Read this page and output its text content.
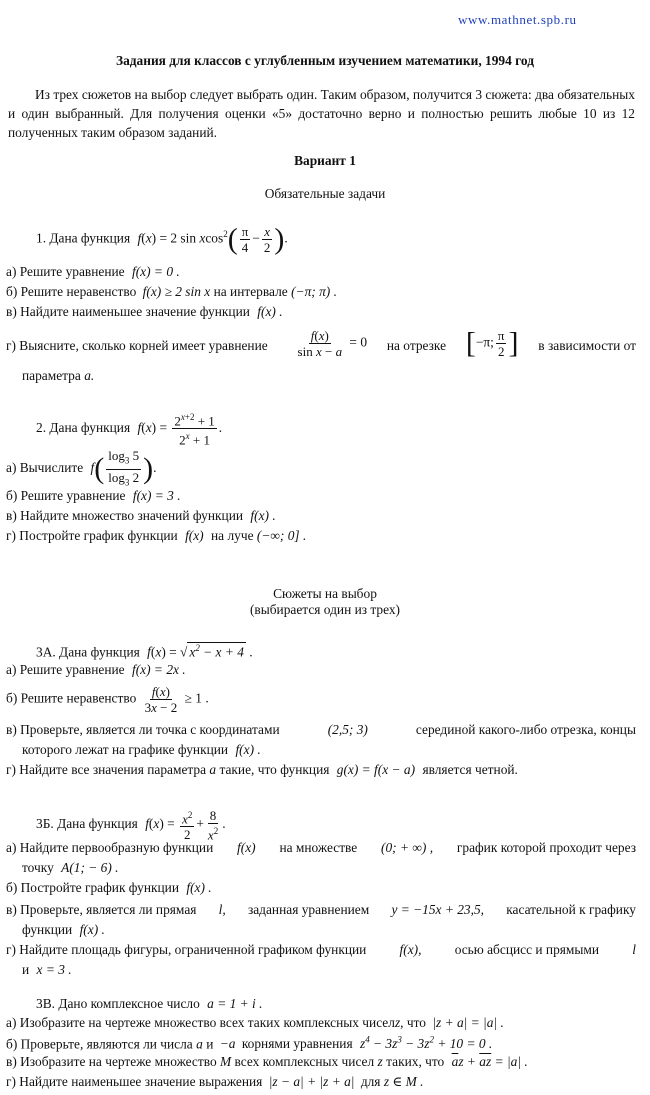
www.mathnet.spb.ru
Задания для классов с углубленным изучением математики, 1994 год
Из трех сюжетов на выбор следует выбрать один. Таким образом, получится 3 сюжета: два обязательных и один выбранный. Для получения оценки «5» достаточно верно и полностью решить любые 10 из 12 полученных таким образом заданий.
Вариант 1
Обязательные задачи
1. Дана функция f(x) = 2 $\sin xcos^2( \frac{\pi}{4} - \frac{x}{2}$ ).
а) Решите уравнение f(x) = 0 .
б) Решите неравенство f(x) ≥ 2 sin x на интервале (−π; π) .
в) Найдите наименьшее значение функции f(x) .
г) Выясните, сколько корней имеет уравнение $\frac{f(x)}{\text{sin x − a}} = 0$ на отрезке [−π; $\frac{\pi}{2}$ ] в зависимости от
параметра a.
2. Дана функция $f(x) = \frac{2^{x+2} + 1}{2^x + 1}$ .
а) Вычислите $f( \frac{\log_3 5}{\log_3 2}$ ).
б) Решите уравнение f(x) = 3 .
в) Найдите множество значений функции f(x) .
г) Постройте график функции f(x) на луче (−∞; 0] .
Сюжеты на выбор
(выбирается один из трех)
3А. Дана функция f(x) = √ $x^2 - x + 4$ .
а) Решите уравнение f(x) = 2x .
б) Решите неравенство $\frac{f(x)}{3x - 2} \ge 1$ .
в) Проверьте, является ли точка с координатами	(2,5; 3)	серединой какого-либо отрезка, концы
которого лежат на графике функции f(x) .
г) Найдите все значения параметра a такие, что функция g(x) = f(x − a) является четной.
3Б. Дана функция $f(x) = \frac{x^2}{2} + \frac{8}{x^2}$ .
а) Найдите первообразную функции f(x) на множестве (0; + ∞) , график которой проходит через
точку A(1; − 6) .
б) Постройте график функции f(x) .
в) Проверьте, является ли прямая l, заданная уравнением y = −15x + 23,5, касательной к графику
функции f(x) .
г) Найдите площадь фигуры, ограниченной графиком функции f(x), осью абсцисс и прямыми l
и x = 3 .
3В. Дано комплексное число a = 1 + i .
а) Изобразите на чертеже множество всех таких комплексных чиселz, что |z + a| = |a| .
б) Проверьте, являются ли числа a и −a корнями уравнения $z^4 - 3z^3 - 3z^2 + 10 = 0$ .
в) Изобразите на чертеже множество M всех комплексных чисел z таких, что $\overline{a}z + \overline{a}\overline{z} = |a|$ .
г) Найдите наименьшее значение выражения |z − a| + |z + a| для z ∈ M .
